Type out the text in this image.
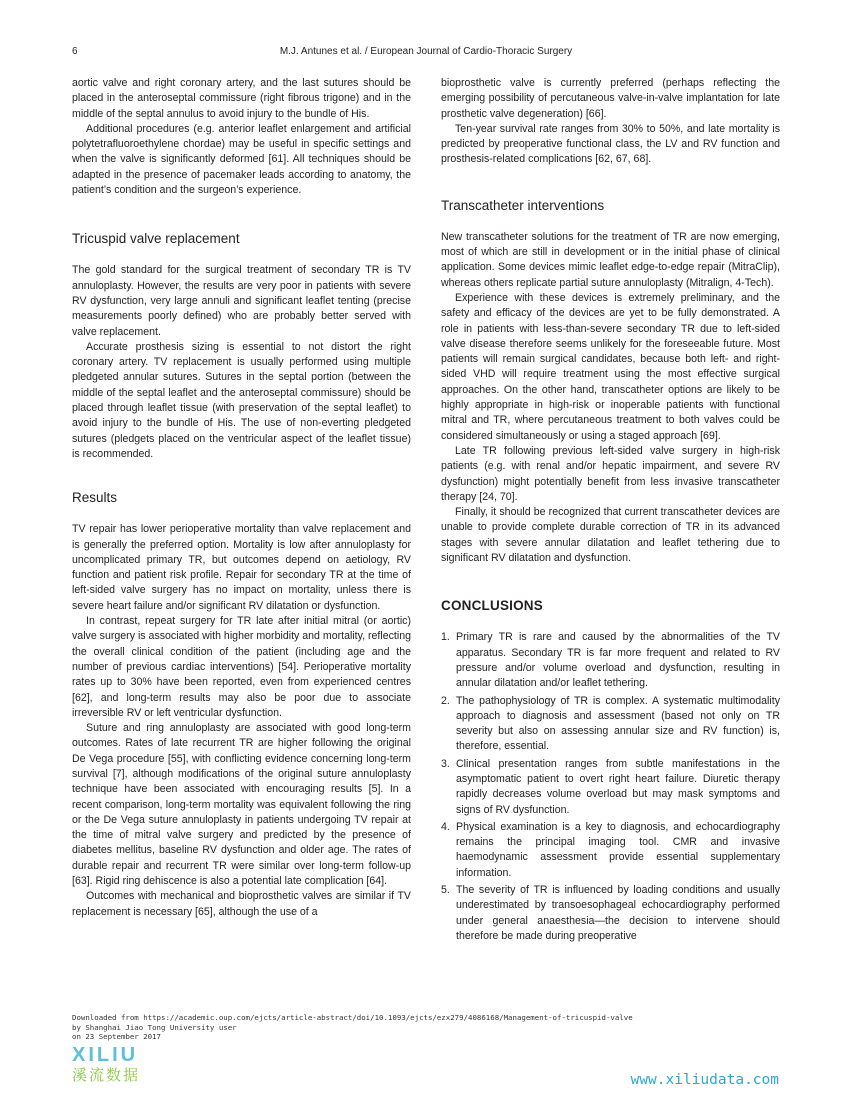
6	M.J. Antunes et al. / European Journal of Cardio-Thoracic Surgery

aortic valve and right coronary artery, and the last sutures should be placed in the anteroseptal commissure (right fibrous trigone) and in the middle of the septal annulus to avoid injury to the bundle of His.

Additional procedures (e.g. anterior leaflet enlargement and artificial polytetrafluoroethylene chordae) may be useful in specific settings and when the valve is significantly deformed [61]. All techniques should be adapted in the presence of pacemaker leads according to anatomy, the patient’s condition and the surgeon’s experience.

Tricuspid valve replacement

The gold standard for the surgical treatment of secondary TR is TV annuloplasty. However, the results are very poor in patients with severe RV dysfunction, very large annuli and significant leaflet tenting (precise measurements poorly defined) who are probably better served with valve replacement.

Accurate prosthesis sizing is essential to not distort the right coronary artery. TV replacement is usually performed using multiple pledgeted annular sutures. Sutures in the septal portion (between the middle of the septal leaflet and the anteroseptal commissure) should be placed through leaflet tissue (with preservation of the septal leaflet) to avoid injury to the bundle of His. The use of non-everting pledgeted sutures (pledgets placed on the ventricular aspect of the leaflet tissue) is recommended.

Results

TV repair has lower perioperative mortality than valve replacement and is generally the preferred option. Mortality is low after annuloplasty for uncomplicated primary TR, but outcomes depend on aetiology, RV function and patient risk profile. Repair for secondary TR at the time of left-sided valve surgery has no impact on mortality, unless there is severe heart failure and/or significant RV dilatation or dysfunction.

In contrast, repeat surgery for TR late after initial mitral (or aortic) valve surgery is associated with higher morbidity and mortality, reflecting the overall clinical condition of the patient (including age and the number of previous cardiac interventions) [54]. Perioperative mortality rates up to 30% have been reported, even from experienced centres [62], and long-term results may also be poor due to associate irreversible RV or left ventricular dysfunction.

Suture and ring annuloplasty are associated with good long-term outcomes. Rates of late recurrent TR are higher following the original De Vega procedure [55], with conflicting evidence concerning long-term survival [7], although modifications of the original suture annuloplasty technique have been associated with encouraging results [5]. In a recent comparison, long-term mortality was equivalent following the ring or the De Vega suture annuloplasty in patients undergoing TV repair at the time of mitral valve surgery and predicted by the presence of diabetes mellitus, baseline RV dysfunction and older age. The rates of durable repair and recurrent TR were similar over long-term follow-up [63]. Rigid ring dehiscence is also a potential late complication [64].

Outcomes with mechanical and bioprosthetic valves are similar if TV replacement is necessary [65], although the use of a

bioprosthetic valve is currently preferred (perhaps reflecting the emerging possibility of percutaneous valve-in-valve implantation for late prosthetic valve degeneration) [66].

Ten-year survival rate ranges from 30% to 50%, and late mortality is predicted by preoperative functional class, the LV and RV function and prosthesis-related complications [62, 67, 68].

Transcatheter interventions

New transcatheter solutions for the treatment of TR are now emerging, most of which are still in development or in the initial phase of clinical application. Some devices mimic leaflet edge-to-edge repair (MitraClip), whereas others replicate partial suture annuloplasty (Mitralign, 4-Tech).

Experience with these devices is extremely preliminary, and the safety and efficacy of the devices are yet to be fully demonstrated. A role in patients with less-than-severe secondary TR due to left-sided valve disease therefore seems unlikely for the foreseeable future. Most patients will remain surgical candidates, because both left- and right-sided VHD will require treatment using the most effective surgical approaches. On the other hand, transcatheter options are likely to be highly appropriate in high-risk or inoperable patients with functional mitral and TR, where percutaneous treatment to both valves could be considered simultaneously or using a staged approach [69].

Late TR following previous left-sided valve surgery in high-risk patients (e.g. with renal and/or hepatic impairment, and severe RV dysfunction) might potentially benefit from less invasive transcatheter therapy [24, 70].

Finally, it should be recognized that current transcatheter devices are unable to provide complete durable correction of TR in its advanced stages with severe annular dilatation and leaflet tethering due to significant RV dilatation and dysfunction.

CONCLUSIONS
1. Primary TR is rare and caused by the abnormalities of the TV apparatus. Secondary TR is far more frequent and related to RV pressure and/or volume overload and dysfunction, resulting in annular dilatation and/or leaflet tethering.
2. The pathophysiology of TR is complex. A systematic multimodality approach to diagnosis and assessment (based not only on TR severity but also on assessing annular size and RV function) is, therefore, essential.
3. Clinical presentation ranges from subtle manifestations in the asymptomatic patient to overt right heart failure. Diuretic therapy rapidly decreases volume overload but may mask symptoms and signs of RV dysfunction.
4. Physical examination is a key to diagnosis, and echocardiography remains the principal imaging tool. CMR and invasive haemodynamic assessment provide essential supplementary information.
5. The severity of TR is influenced by loading conditions and usually underestimated by transoesophageal echocardiography performed under general anaesthesia—the decision to intervene should therefore be made during preoperative
Downloaded from https://academic.oup.com/ejcts/article-abstract/doi/10.1093/ejcts/ezx279/4086168/Management-of-tricuspid-valve
by Shanghai Jiao Tong University user
on 23 September 2017
XILIU
溪流数据	www.xiliudata.com
